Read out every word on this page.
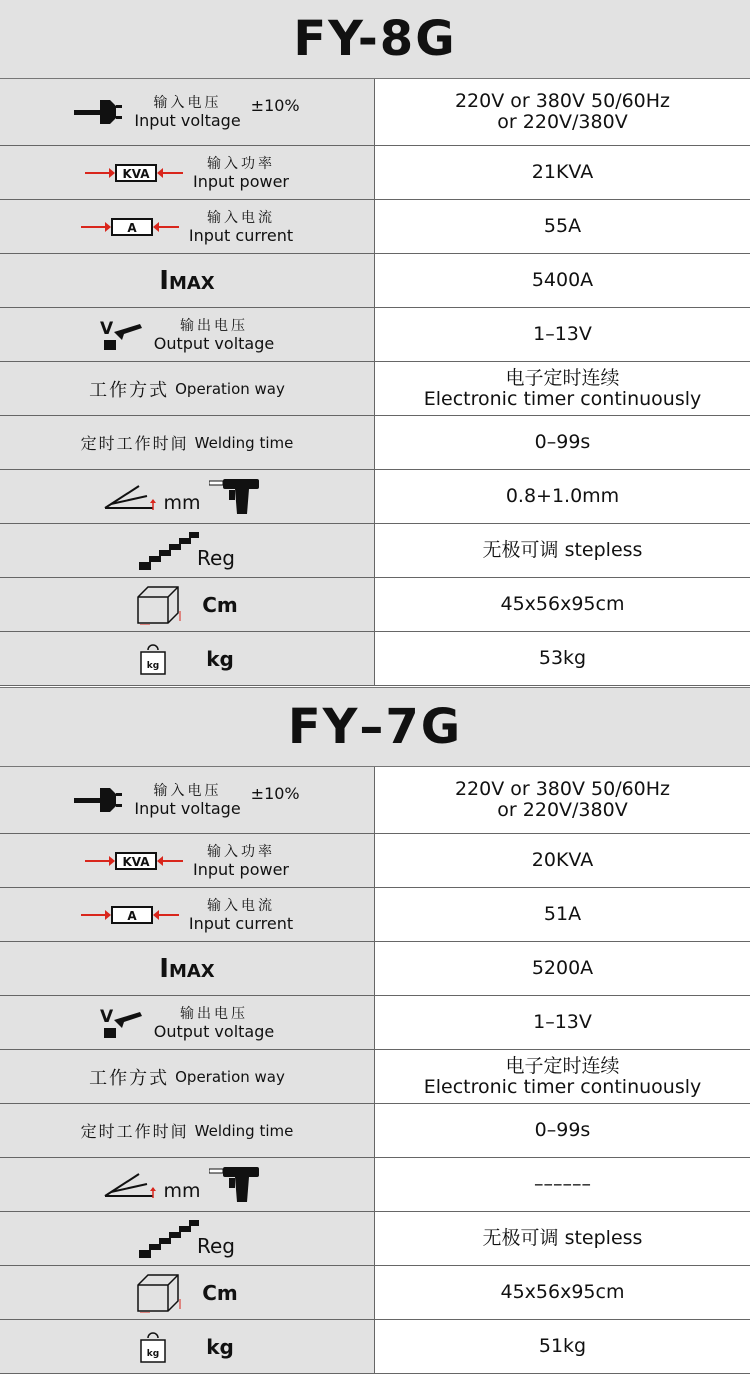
FY-8G
输入电压
Input voltage
±10%	220V or 380V 50/60Hz
or 220V/380V

KVA
输入功率
Input power	21KVA

A
输入电流
Input current	55A

IMAX	5400A

V 输出电压
Output voltage	1–13V

工作方式 Operation way	电子定时连续
Electronic timer continuously

定时工作时间 Welding time	0–99s

mm	0.8+1.0mm

Reg	无极可调 stepless

Cm	45x56x95cm

kg kg	53kg
FY–7G
输入电压
Input voltage
±10%	220V or 380V 50/60Hz
or 220V/380V

KVA
输入功率
Input power	20KVA

A
输入电流
Input current	51A

IMAX	5200A

V 输出电压
Output voltage	1–13V

工作方式 Operation way	电子定时连续
Electronic timer continuously

定时工作时间 Welding time	0–99s

mm	––––––

Reg	无极可调 stepless

Cm	45x56x95cm

kg kg	51kg
